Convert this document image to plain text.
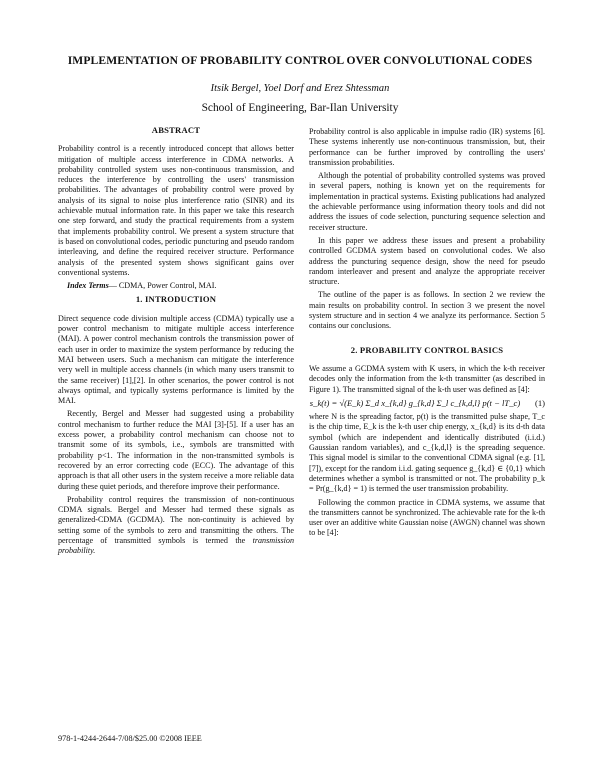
IMPLEMENTATION OF PROBABILITY CONTROL OVER CONVOLUTIONAL CODES
Itsik Bergel, Yoel Dorf and Erez Shtessman
School of Engineering, Bar-Ilan University
ABSTRACT

Probability control is a recently introduced concept that allows better mitigation of multiple access interference in CDMA networks. A probability controlled system uses non-continuous transmission, and reduces the interference by controlling the users' transmission probabilities. The advantages of probability control were proved by analysis of its signal to noise plus interference ratio (SINR) and its achievable mutual information rate. In this paper we take this research one step forward, and study the practical requirements from a system that implements probability control. We present a system structure that is based on convolutional codes, periodic puncturing and pseudo random interleaving, and define the required receiver structure. Performance analysis of the presented system shows significant gains over conventional systems.

Index Terms— CDMA, Power Control, MAI.

1. INTRODUCTION

Direct sequence code division multiple access (CDMA) typically use a power control mechanism to mitigate multiple access interference (MAI). A power control mechanism controls the transmission power of each user in order to maximize the system performance by reducing the MAI between users. Such a mechanism can mitigate the interference very well in multiple access channels (in which many users transmit to the same receiver) [1],[2]. In other scenarios, the power control is not always optimal, and typically systems performance is limited by the MAI.

Recently, Bergel and Messer had suggested using a probability control mechanism to further reduce the MAI [3]-[5]. If a user has an excess power, a probability control mechanism can choose not to transmit some of its symbols, i.e., symbols are transmitted with probability p<1. The information in the non-transmitted symbols is recovered by an error correcting code (ECC). The advantage of this approach is that all other users in the system receive a more reliable data during these quiet periods, and therefore improve their performance.

Probability control requires the transmission of non-continuous CDMA signals. Bergel and Messer had termed these signals as generalized-CDMA (GCDMA). The non-continuity is achieved by setting some of the symbols to zero and transmitting the others. The percentage of transmitted symbols is termed the transmission probability.

Probability control is also applicable in impulse radio (IR) systems [6]. These systems inherently use non-continuous transmission, but, their performance can be further improved by controlling the users' transmission probabilities.

Although the potential of probability controlled systems was proved in several papers, nothing is known yet on the requirements for implementation in practical systems. Existing publications had analyzed the achievable performance using information theory tools and did not address the issues of code selection, puncturing sequence selection and receiver structure.

In this paper we address these issues and present a probability controlled GCDMA system based on convolutional codes. We also address the puncturing sequence design, show the need for pseudo random interleaver and present and analyze the appropriate receiver structure.

The outline of the paper is as follows. In section 2 we review the main results on probability control. In section 3 we present the novel system structure and in section 4 we analyze its performance. Section 5 contains our conclusions.

2. PROBABILITY CONTROL BASICS

We assume a GCDMA system with K users, in which the k-th receiver decodes only the information from the k-th transmitter (as described in Figure 1). The transmitted signal of the k-th user was defined as [4]:

s_k(t) = √(E_k) Σ_d x_{k,d} g_{k,d} Σ_l c_{k,d,l} p(t − lT_c)	(1)

where N is the spreading factor, p(t) is the transmitted pulse shape, T_c is the chip time, E_k is the k-th user chip energy, x_{k,d} is its d-th data symbol (which are independent and identically distributed (i.i.d.) Gaussian random variables), and c_{k,d,l} is the spreading sequence. This signal model is similar to the conventional CDMA signal (e.g. [1],[7]), except for the random i.i.d. gating sequence g_{k,d} ∈ {0,1} which determines whether a symbol is transmitted or not. The probability p_k = Pr(g_{k,d} = 1) is termed the user transmission probability.

Following the common practice in CDMA systems, we assume that the transmitters cannot be synchronized. The achievable rate for the k-th user over an additive white Gaussian noise (AWGN) channel was shown to be [4]:

978-1-4244-2644-7/08/$25.00 ©2008 IEEE
